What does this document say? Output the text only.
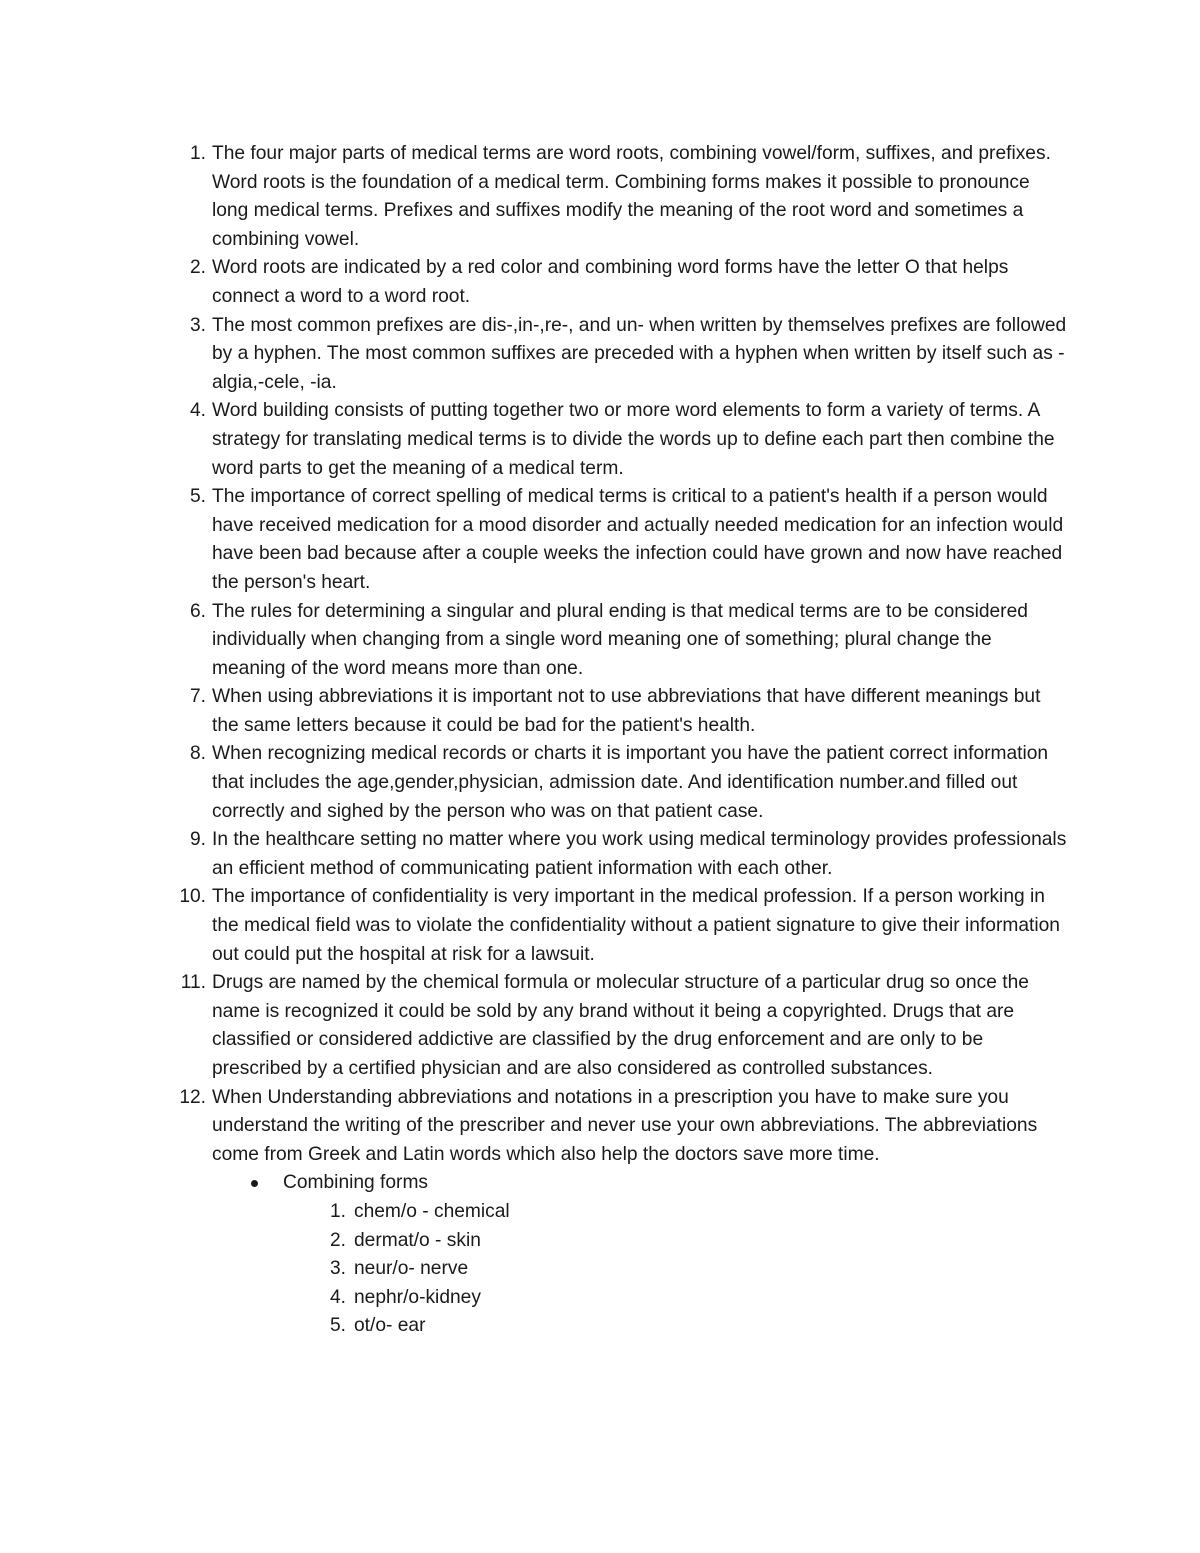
1. The four major parts of medical terms are word roots, combining vowel/form, suffixes, and prefixes. Word roots is the foundation of a medical term. Combining forms makes it possible to pronounce long medical terms. Prefixes and suffixes modify the meaning of the root word and sometimes a combining vowel.
2. Word roots are indicated by a red color and combining word forms have the letter O that helps connect a word to a word root.
3. The most common prefixes are dis-,in-,re-, and un- when written by themselves prefixes are followed by a hyphen. The most common suffixes are preceded with a hyphen when written by itself such as -algia,-cele, -ia.
4. Word building consists of putting together two or more word elements to form a variety of terms. A strategy for translating medical terms is to divide the words up to define each part then combine the word parts to get the meaning of a medical term.
5. The importance of correct spelling of medical terms is critical to a patient's health if a person would have received medication for a mood disorder and actually needed medication for an infection would have been bad because after a couple weeks the infection could have grown and now have reached the person's heart.
6. The rules for determining a singular and plural ending is that medical terms are to be considered individually when changing from a single word meaning one of something; plural change the meaning of the word means more than one.
7. When using abbreviations it is important not to use abbreviations that have different meanings but the same letters because it could be bad for the patient's health.
8. When recognizing medical records or charts it is important you have the patient correct information that includes the age,gender,physician, admission date. And identification number.and filled out correctly and sighed by the person who was on that patient case.
9. In the healthcare setting no matter where you work using medical terminology provides professionals an efficient method of communicating patient information with each other.
10. The importance of confidentiality is very important in the medical profession. If a person working in the medical field was to violate the confidentiality without a patient signature to give their information out could put the hospital at risk for a lawsuit.
11. Drugs are named by the chemical formula or molecular structure of a particular drug so once the name is recognized it could be sold by any brand without it being a copyrighted. Drugs that are classified or considered addictive are classified by the drug enforcement and are only to be prescribed by a certified physician and are also considered as controlled substances.
12. When Understanding abbreviations and notations in a prescription you have to make sure you understand the writing of the prescriber and never use your own abbreviations. The abbreviations come from Greek and Latin words which also help the doctors save more time.
Combining forms
1. chem/o - chemical
2. dermat/o - skin
3. neur/o- nerve
4. nephr/o-kidney
5. ot/o- ear
